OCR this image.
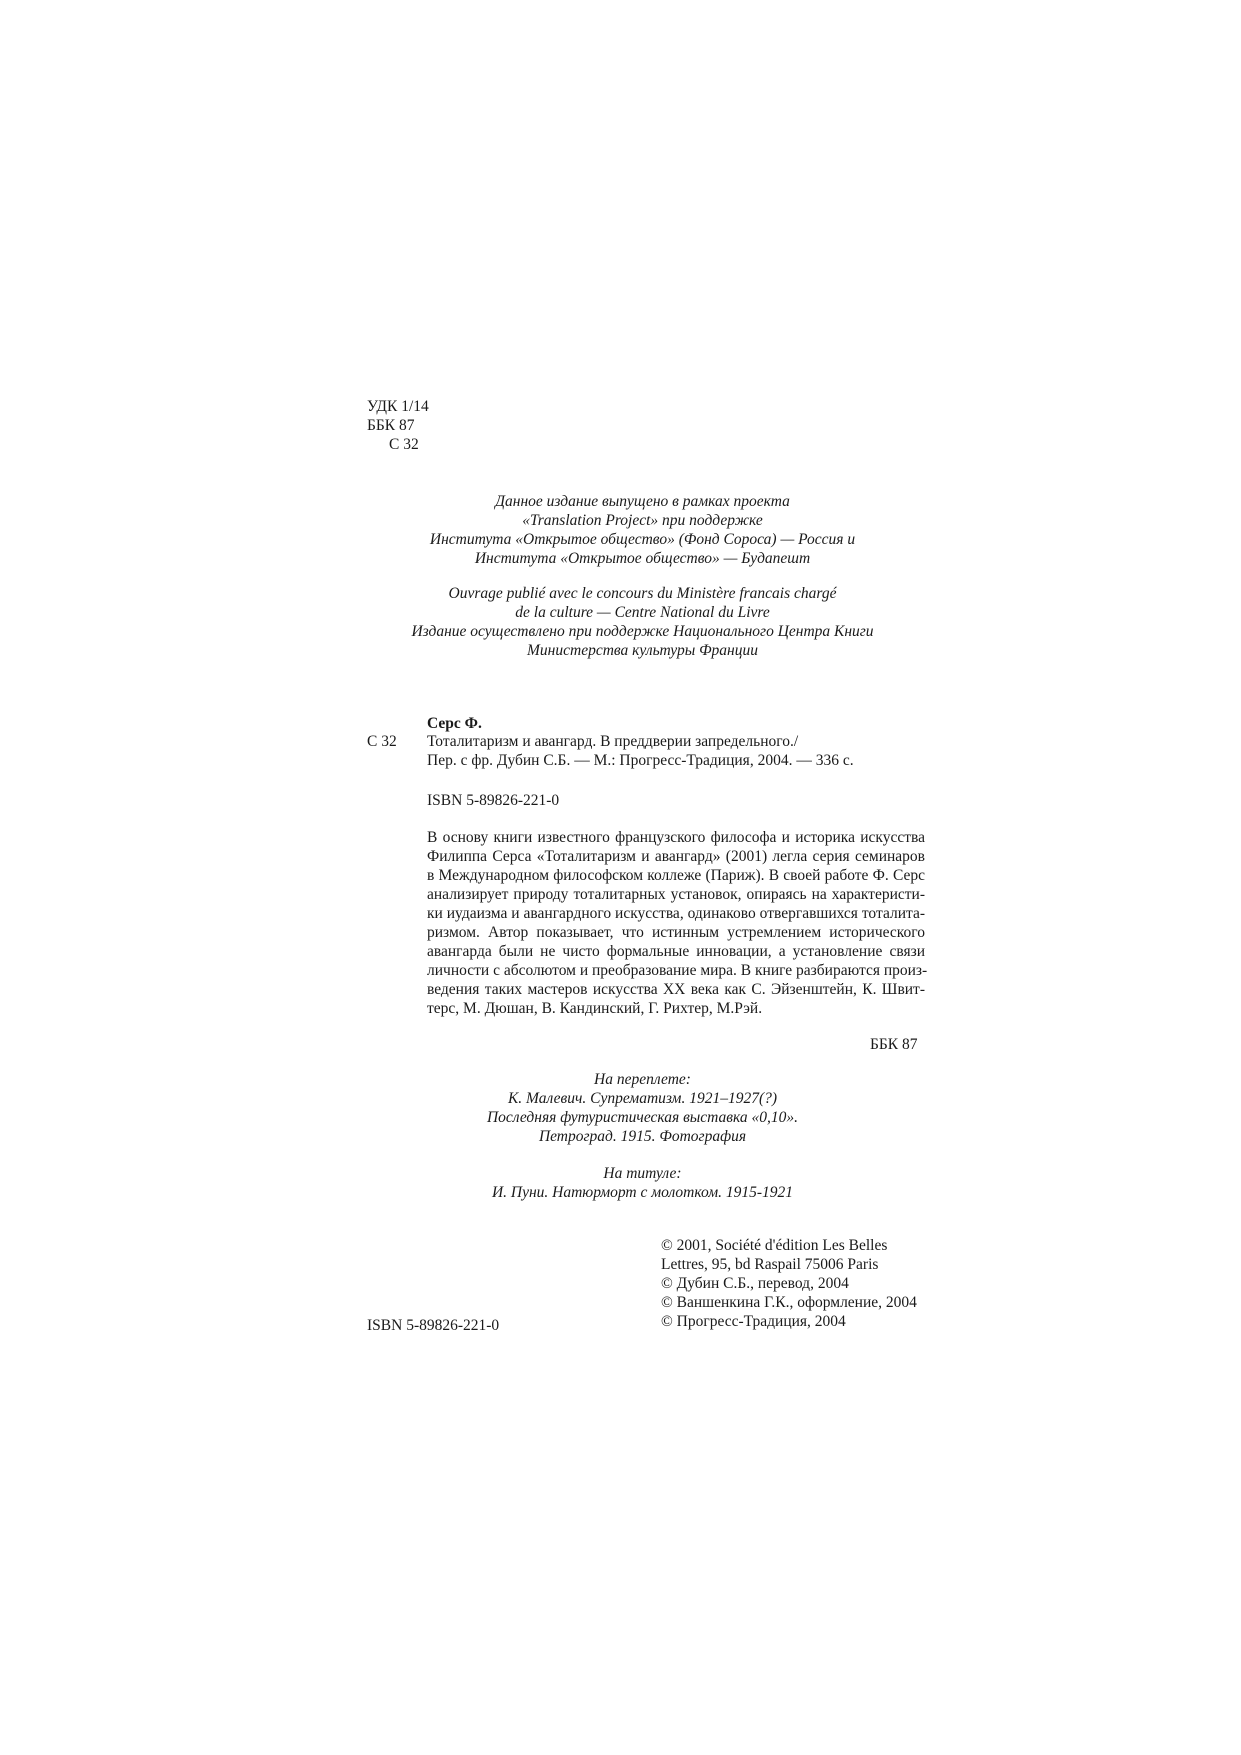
УДК 1/14
ББК 87
С 32
Данное издание выпущено в рамках проекта
«Translation Project» при поддержке
Института «Открытое общество» (Фонд Сороса) — Россия и
Института «Открытое общество» — Будапешт
Ouvrage publié avec le concours du Ministère francais chargé
de la culture — Centre National du Livre
Издание осуществлено при поддержке Национального Центра Книги
Министерства культуры Франции
Серс Ф.
С 32 Тоталитаризм и авангард. В преддверии запредельного./
Пер. с фр. Дубин С.Б. — М.: Прогресс-Традиция, 2004. — 336 с.
ISBN 5-89826-221-0
В основу книги известного французского философа и историка искусства
Филиппа Серса «Тоталитаризм и авангард» (2001) легла серия семинаров
в Международном философском коллеже (Париж). В своей работе Ф. Серс
анализирует природу тоталитарных установок, опираясь на характеристи-
ки иудаизма и авангардного искусства, одинаково отвергавшихся тоталита-
ризмом. Автор показывает, что истинным устремлением исторического
авангарда были не чисто формальные инновации, а установление связи
личности с абсолютом и преобразование мира. В книге разбираются произ-
ведения таких мастеров искусства XX века как С. Эйзенштейн, К. Швит-
терс, М. Дюшан, В. Кандинский, Г. Рихтер, М.Рэй.
ББК 87
На переплете:
К. Малевич. Супрематизм. 1921–1927(?)
Последняя футуристическая выставка «0,10».
Петроград. 1915. Фотография
На титуле:
И. Пуни. Натюрморт с молотком. 1915-1921
© 2001, Société d'édition Les Belles
Lettres, 95, bd Raspail 75006 Paris
© Дубин С.Б., перевод, 2004
© Ваншенкина Г.К., оформление, 2004
© Прогресс-Традиция, 2004
ISBN 5-89826-221-0
